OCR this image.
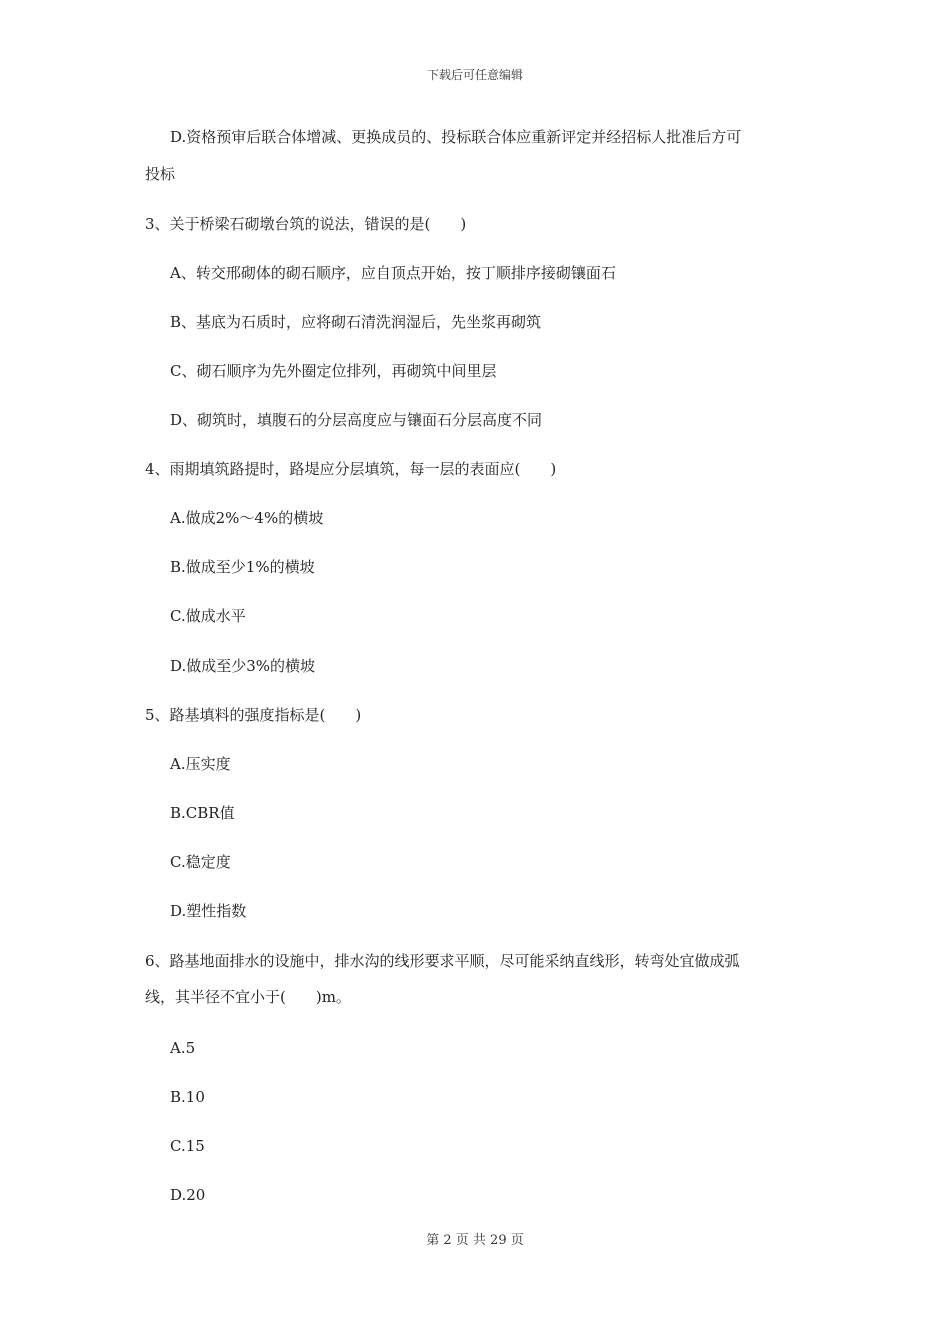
下载后可任意编辑
D.资格预审后联合体增减、更换成员的、投标联合体应重新评定并经招标人批准后方可
投标
3、关于桥梁石砌墩台筑的说法，错误的是(　　)
A、转交邢砌体的砌石顺序，应自顶点开始，按丁顺排序接砌镶面石
B、基底为石质时，应将砌石清洗润湿后，先坐浆再砌筑
C、砌石顺序为先外圈定位排列，再砌筑中间里层
D、砌筑时，填腹石的分层高度应与镶面石分层高度不同
4、雨期填筑路提时，路堤应分层填筑，每一层的表面应(　　)
A.做成2%～4%的横坡
B.做成至少1%的横坡
C.做成水平
D.做成至少3%的横坡
5、路基填料的强度指标是(　　)
A.压实度
B.CBR值
C.稳定度
D.塑性指数
6、路基地面排水的设施中，排水沟的线形要求平顺，尽可能采纳直线形，转弯处宜做成弧
线，其半径不宜小于(　　)m。
A.5
B.10
C.15
D.20
第 2 页 共 29 页
